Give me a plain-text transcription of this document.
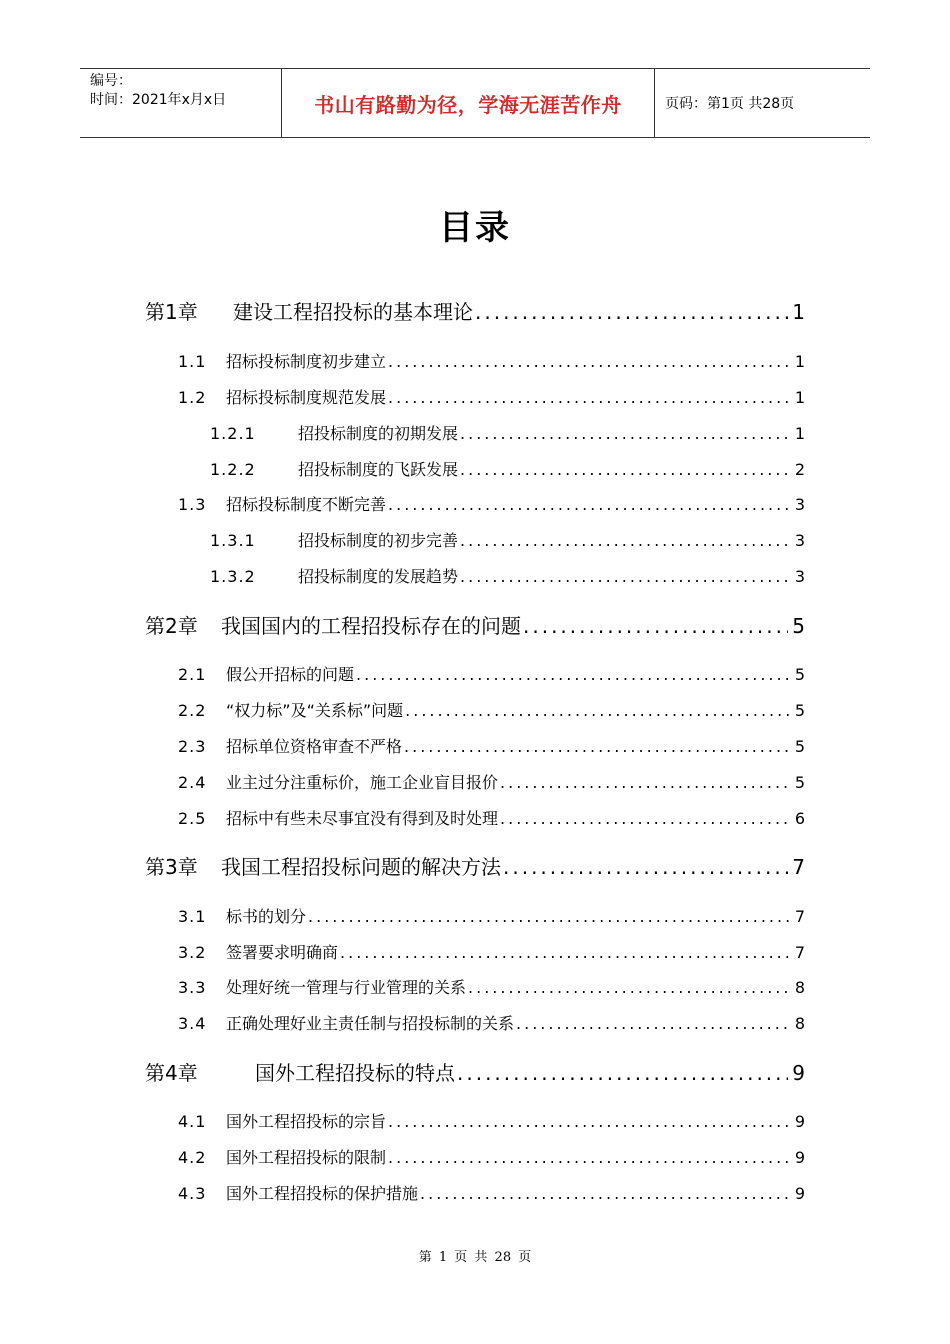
编号：
时间：2021年x月x日	书山有路勤为径，学海无涯苦作舟	页码：第1页 共28页
目录
第1章	建设工程招投标的基本理论 .....	1
1.1	招标投标制度初步建立 .....	1
1.2	招标投标制度规范发展 .....	1
1.2.1	招投标制度的初期发展 .....	1
1.2.2	招投标制度的飞跃发展 .....	2
1.3	招标投标制度不断完善 .....	3
1.3.1	招投标制度的初步完善 .....	3
1.3.2	招投标制度的发展趋势 .....	3
第2章	我国国内的工程招投标存在的问题 .....	5
2.1	假公开招标的问题 .....	5
2.2	“权力标”及“关系标”问题 .....	5
2.3	招标单位资格审查不严格 .....	5
2.4	业主过分注重标价，施工企业盲目报价 .....	5
2.5	招标中有些未尽事宜没有得到及时处理 .....	6
第3章	我国工程招投标问题的解决方法 .....	7
3.1	标书的划分 .....	7
3.2	签署要求明确商 .....	7
3.3	处理好统一管理与行业管理的关系 .....	8
3.4	正确处理好业主责任制与招投标制的关系 .....	8
第4章	国外工程招投标的特点 .....	9
4.1	国外工程招投标的宗旨 .....	9
4.2	国外工程招投标的限制 .....	9
4.3	国外工程招投标的保护措施 .....	9
第 1 页 共 28 页
